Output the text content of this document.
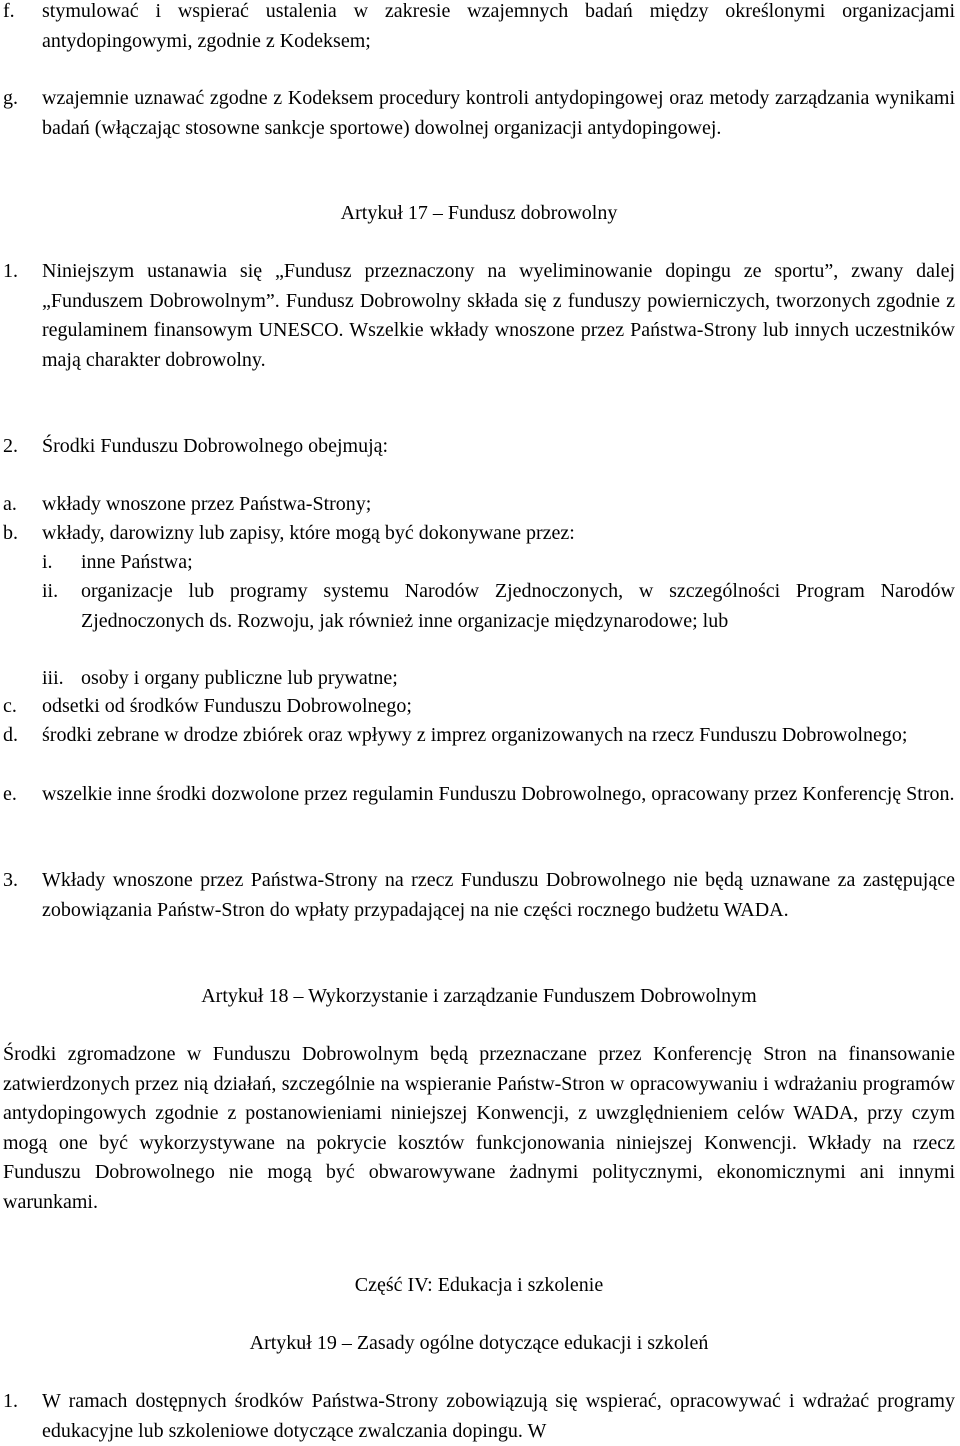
f. stymulować i wspierać ustalenia w zakresie wzajemnych badań między określonymi organizacjami antydopingowymi, zgodnie z Kodeksem;
g. wzajemnie uznawać zgodne z Kodeksem procedury kontroli antydopingowej oraz metody zarządzania wynikami badań (włączając stosowne sankcje sportowe) dowolnej organizacji antydopingowej.
Artykuł 17 – Fundusz dobrowolny
1. Niniejszym ustanawia się „Fundusz przeznaczony na wyeliminowanie dopingu ze sportu”, zwany dalej „Funduszem Dobrowolnym”. Fundusz Dobrowolny składa się z funduszy powierniczych, tworzonych zgodnie z regulaminem finansowym UNESCO. Wszelkie wkłady wnoszone przez Państwa-Strony lub innych uczestników mają charakter dobrowolny.
2. Środki Funduszu Dobrowolnego obejmują:
a. wkłady wnoszone przez Państwa-Strony;
b. wkłady, darowizny lub zapisy, które mogą być dokonywane przez:
i. inne Państwa;
ii. organizacje lub programy systemu Narodów Zjednoczonych, w szczególności Program Narodów Zjednoczonych ds. Rozwoju, jak również inne organizacje międzynarodowe; lub
iii. osoby i organy publiczne lub prywatne;
c. odsetki od środków Funduszu Dobrowolnego;
d. środki zebrane w drodze zbiórek oraz wpływy z imprez organizowanych na rzecz Funduszu Dobrowolnego;
e. wszelkie inne środki dozwolone przez regulamin Funduszu Dobrowolnego, opracowany przez Konferencję Stron.
3. Wkłady wnoszone przez Państwa-Strony na rzecz Funduszu Dobrowolnego nie będą uznawane za zastępujące zobowiązania Państw-Stron do wpłaty przypadającej na nie części rocznego budżetu WADA.
Artykuł 18 – Wykorzystanie i zarządzanie Funduszem Dobrowolnym
Środki zgromadzone w Funduszu Dobrowolnym będą przeznaczane przez Konferencję Stron na finansowanie zatwierdzonych przez nią działań, szczególnie na wspieranie Państw-Stron w opracowywaniu i wdrażaniu programów antydopingowych zgodnie z postanowieniami niniejszej Konwencji, z uwzględnieniem celów WADA, przy czym mogą one być wykorzystywane na pokrycie kosztów funkcjonowania niniejszej Konwencji. Wkłady na rzecz Funduszu Dobrowolnego nie mogą być obwarowywane żadnymi politycznymi, ekonomicznymi ani innymi warunkami.
Część IV: Edukacja i szkolenie
Artykuł 19 – Zasady ogólne dotyczące edukacji i szkoleń
1. W ramach dostępnych środków Państwa-Strony zobowiązują się wspierać, opracowywać i wdrażać programy edukacyjne lub szkoleniowe dotyczące zwalczania dopingu. W
